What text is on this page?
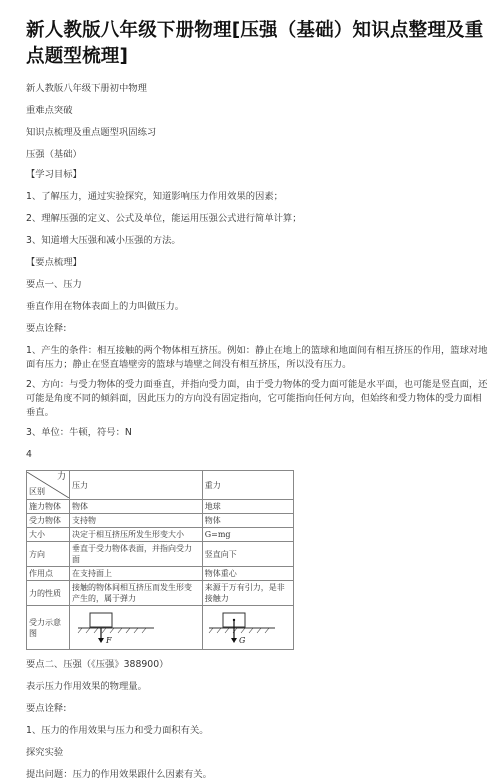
新人教版八年级下册物理[压强（基础）知识点整理及重点题型梳理]

新人教版八年级下册初中物理

重难点突破

知识点梳理及重点题型巩固练习

压强（基础）

【学习目标】

1、了解压力，通过实验探究，知道影响压力作用效果的因素；

2、理解压强的定义、公式及单位，能运用压强公式进行简单计算；

3、知道增大压强和减小压强的方法。

【要点梳理】

要点一、压力

垂直作用在物体表面上的力叫做压力。

要点诠释:

1、产生的条件：相互接触的两个物体相互挤压。例如：静止在地上的篮球和地面间有相互挤压的作用，篮球对地面有压力；静止在竖直墙壁旁的篮球与墙壁之间没有相互挤压，所以没有压力。

2、方向：与受力物体的受力面垂直，并指向受力面，由于受力物体的受力面可能是水平面，也可能是竖直面，还可能是角度不同的倾斜面，因此压力的方向没有固定指向，它可能指向任何方向，但始终和受力物体的受力面相垂直。

3、单位：牛顿，符号：N

4

力
区别	压力	重力
施力物体	物体	地球
受力物体	支持物	物体
大小	决定于相互挤压所发生形变大小	G=mg
方向	垂直于受力物体表面，并指向受力面	竖直向下
作用点	在支持面上	物体重心
力的性质	接触的物体间相互挤压而发生形变产生的，属于弹力	来源于万有引力，是非接触力
受力示意图	F	G

要点二、压强（《压强》388900）

表示压力作用效果的物理量。

要点诠释:

1、压力的作用效果与压力和受力面积有关。

探究实验

提出问题：压力的作用效果跟什么因素有关。
